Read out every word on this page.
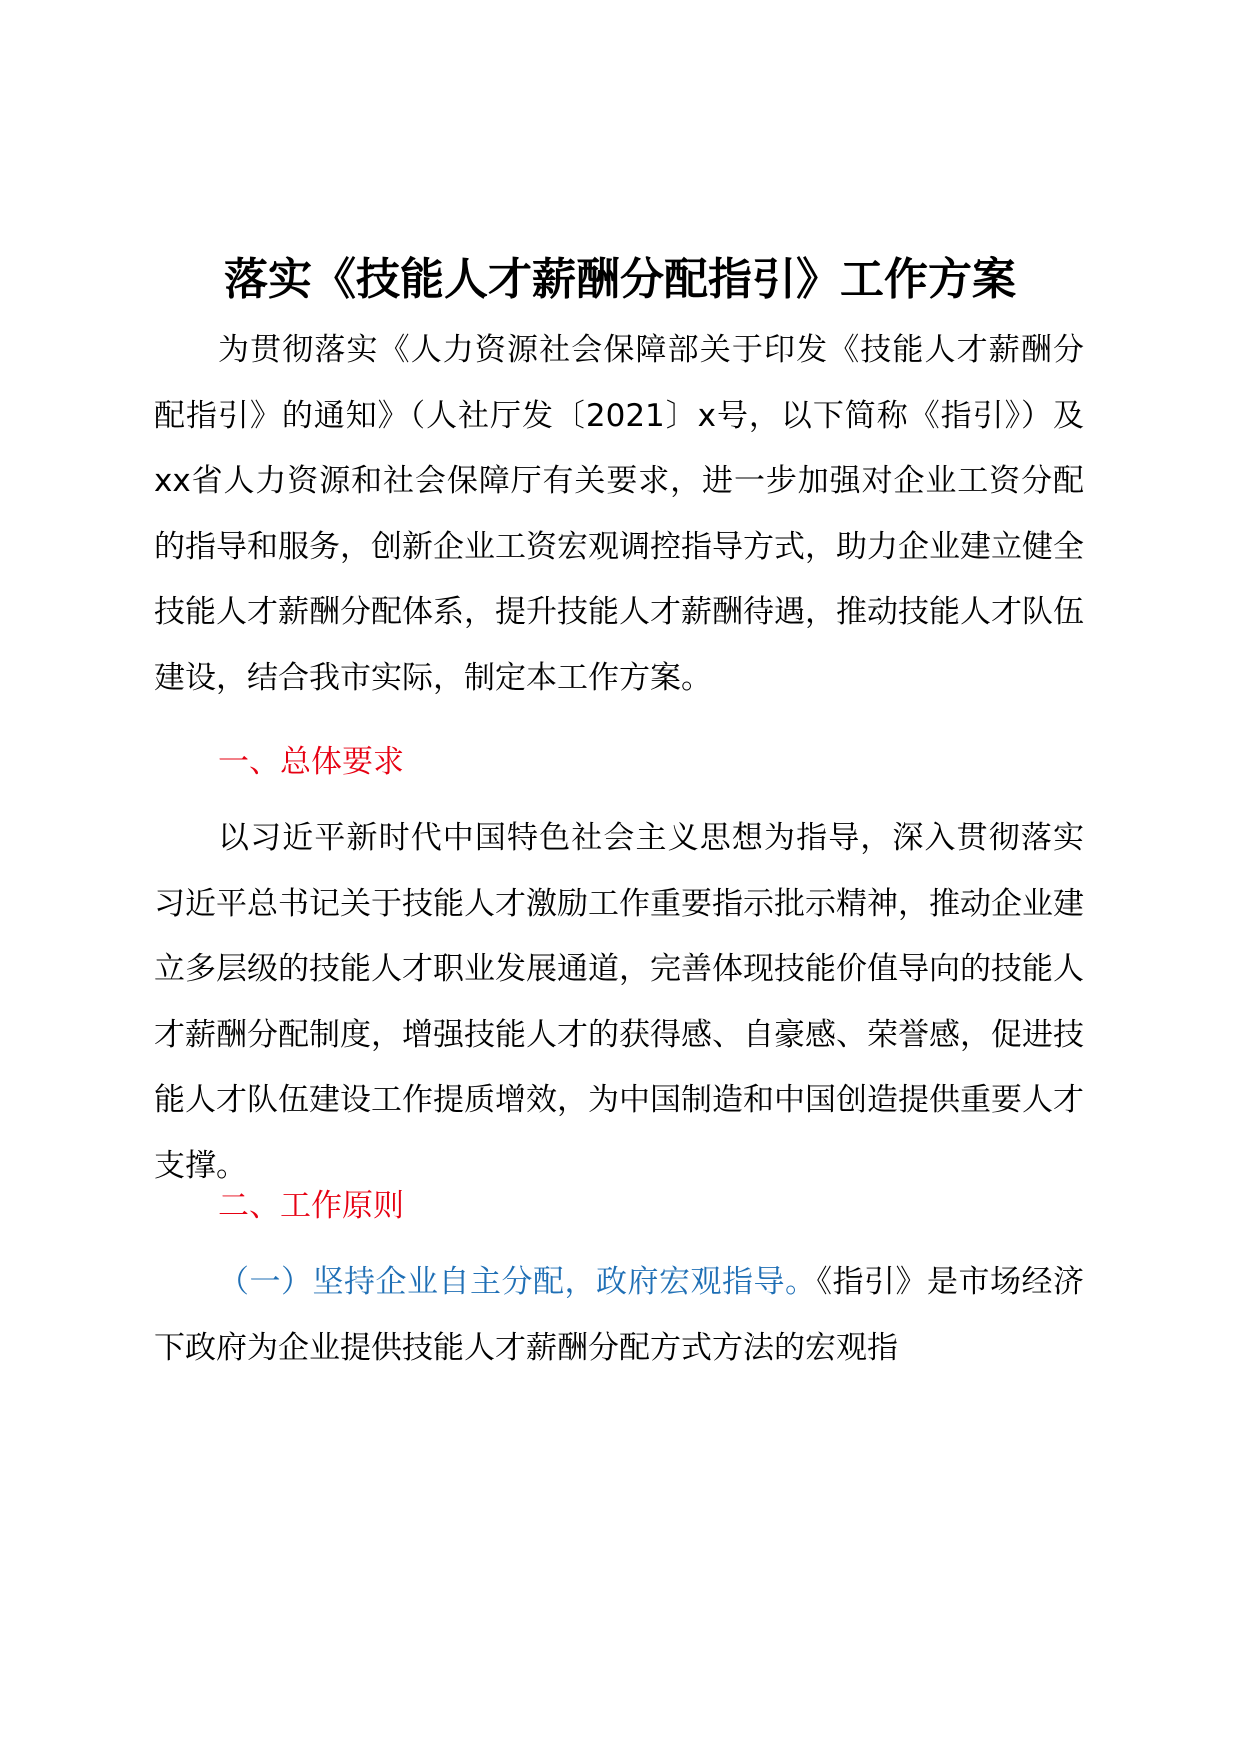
落实《技能人才薪酬分配指引》工作方案

为贯彻落实《人力资源社会保障部关于印发《技能人才薪酬分配指引》的通知》（人社厅发〔2021〕x号，以下简称《指引》）及xx省人力资源和社会保障厅有关要求，进一步加强对企业工资分配的指导和服务，创新企业工资宏观调控指导方式，助力企业建立健全技能人才薪酬分配体系，提升技能人才薪酬待遇，推动技能人才队伍建设，结合我市实际，制定本工作方案。

一、总体要求

以习近平新时代中国特色社会主义思想为指导，深入贯彻落实习近平总书记关于技能人才激励工作重要指示批示精神，推动企业建立多层级的技能人才职业发展通道，完善体现技能价值导向的技能人才薪酬分配制度，增强技能人才的获得感、自豪感、荣誉感，促进技能人才队伍建设工作提质增效，为中国制造和中国创造提供重要人才支撑。

二、工作原则

（一）坚持企业自主分配，政府宏观指导。《指引》是市场经济下政府为企业提供技能人才薪酬分配方式方法的宏观指
